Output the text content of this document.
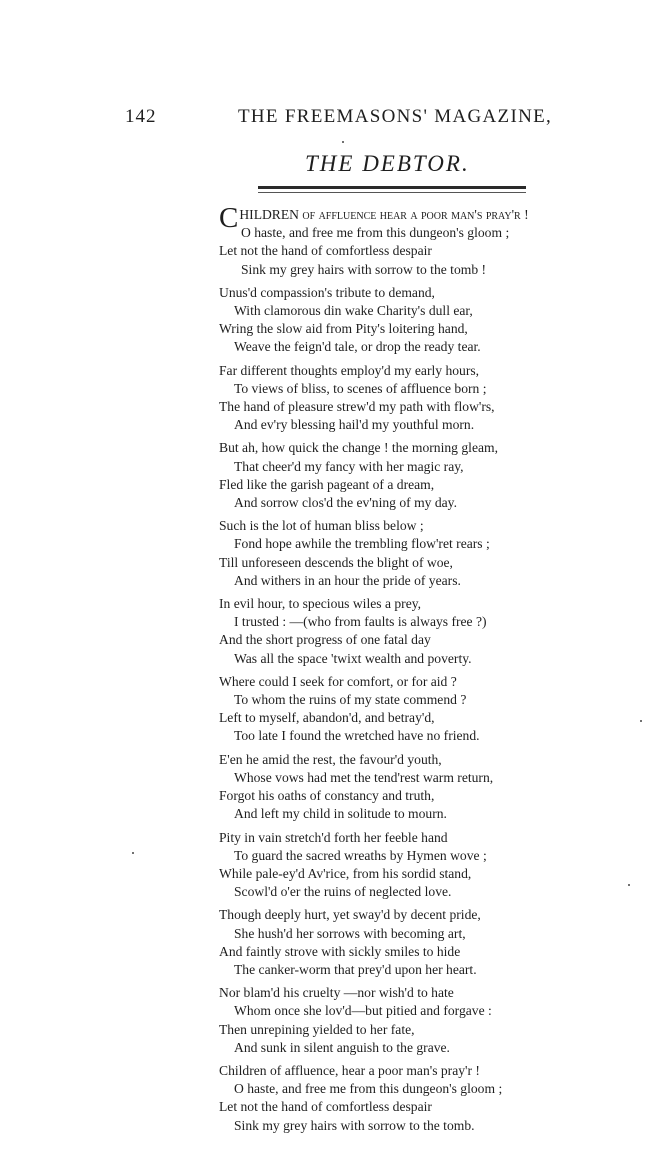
142	THE FREEMASONS' MAGAZINE,
THE DEBTOR.
CHILDREN of affluence hear a poor man's pray'r !
O haste, and free me from this dungeon's gloom ;
Let not the hand of comfortless despair
Sink my grey hairs with sorrow to the tomb !
Unus'd compassion's tribute to demand,
With clamorous din wake Charity's dull ear,
Wring the slow aid from Pity's loitering hand,
Weave the feign'd tale, or drop the ready tear.
Far different thoughts employ'd my early hours,
To views of bliss, to scenes of affluence born ;
The hand of pleasure strew'd my path with flow'rs,
And ev'ry blessing hail'd my youthful morn.
But ah, how quick the change ! the morning gleam,
That cheer'd my fancy with her magic ray,
Fled like the garish pageant of a dream,
And sorrow clos'd the ev'ning of my day.
Such is the lot of human bliss below ;
Fond hope awhile the trembling flow'ret rears ;
Till unforeseen descends the blight of woe,
And withers in an hour the pride of years.
In evil hour, to specious wiles a prey,
I trusted : —(who from faults is always free ?)
And the short progress of one fatal day
Was all the space 'twixt wealth and poverty.
Where could I seek for comfort, or for aid ?
To whom the ruins of my state commend ?
Left to myself, abandon'd, and betray'd,
Too late I found the wretched have no friend.
E'en he amid the rest, the favour'd youth,
Whose vows had met the tend'rest warm return,
Forgot his oaths of constancy and truth,
And left my child in solitude to mourn.
Pity in vain stretch'd forth her feeble hand
To guard the sacred wreaths by Hymen wove ;
While pale-ey'd Av'rice, from his sordid stand,
Scowl'd o'er the ruins of neglected love.
Though deeply hurt, yet sway'd by decent pride,
She hush'd her sorrows with becoming art,
And faintly strove with sickly smiles to hide
The canker-worm that prey'd upon her heart.
Nor blam'd his cruelty —nor wish'd to hate
Whom once she lov'd—but pitied and forgave :
Then unrepining yielded to her fate,
And sunk in silent anguish to the grave.
Children of affluence, hear a poor man's pray'r !
O haste, and free me from this dungeon's gloom ;
Let not the hand of comfortless despair
Sink my grey hairs with sorrow to the tomb.
